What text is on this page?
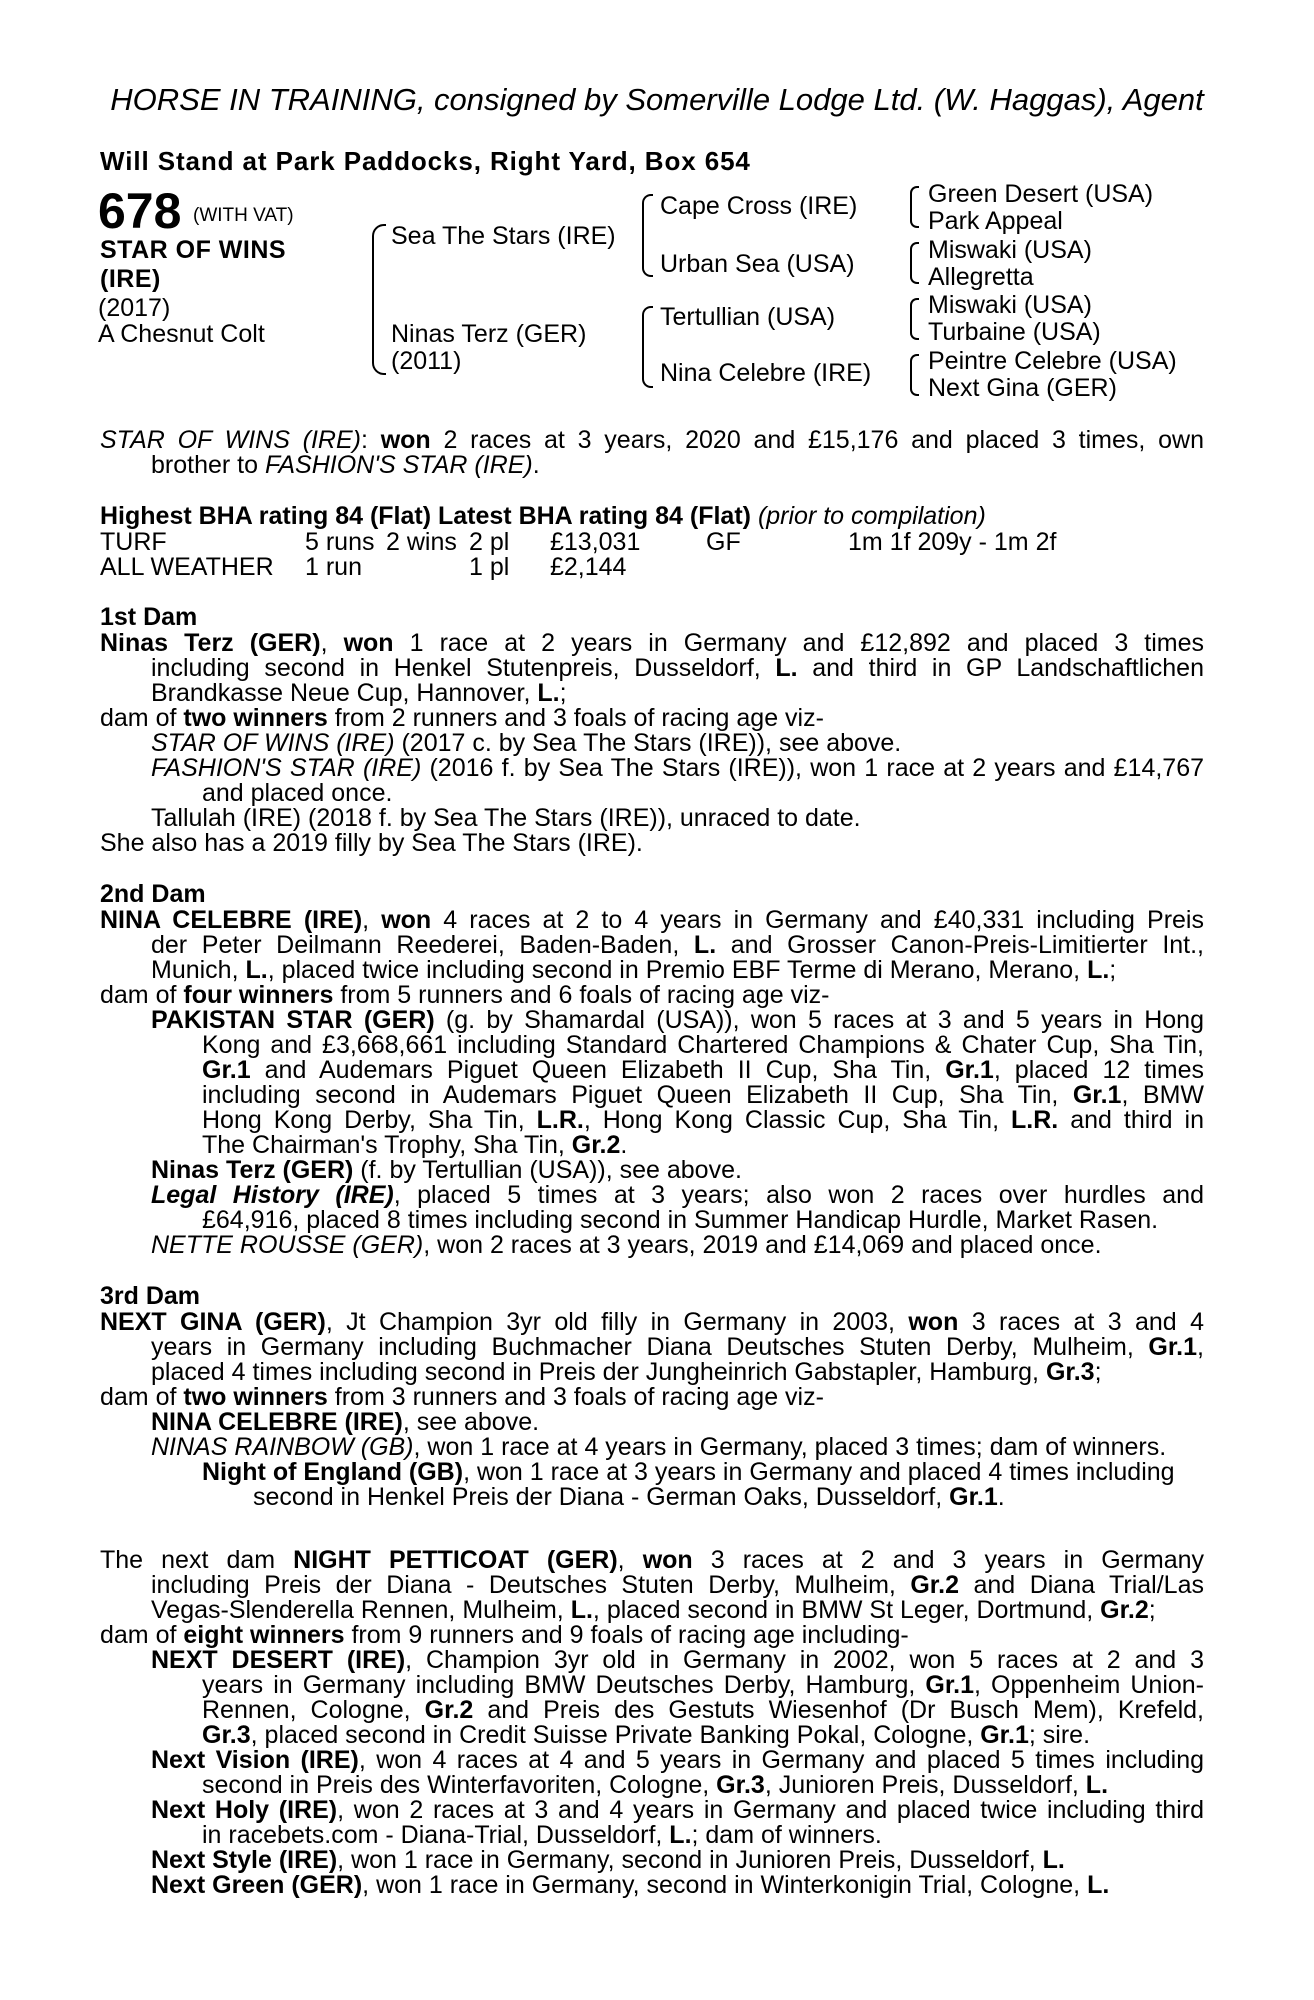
HORSE IN TRAINING, consigned by Somerville Lodge Ltd. (W. Haggas), Agent
Will Stand at Park Paddocks, Right Yard, Box 654
678 (WITH VAT)
STAR OF WINS
(IRE)
(2017)
A Chesnut Colt
Sea The Stars (IRE)
Ninas Terz (GER)
(2011)
Cape Cross (IRE)
Urban Sea (USA)
Tertullian (USA)
Nina Celebre (IRE)
Green Desert (USA)
Park Appeal
Miswaki (USA)
Allegretta
Miswaki (USA)
Turbaine (USA)
Peintre Celebre (USA)
Next Gina (GER)
STAR OF WINS (IRE): won 2 races at 3 years, 2020 and £15,176 and placed 3 times, own
brother to FASHION'S STAR (IRE).
Highest BHA rating 84 (Flat) Latest BHA rating 84 (Flat) (prior to compilation)
TURF	5 runs 2 wins 2 pl £13,031	GF	1m 1f 209y - 1m 2f
ALL WEATHER 1 run	1 pl £2,144
1st Dam
Ninas Terz (GER), won 1 race at 2 years in Germany and £12,892 and placed 3 times
including second in Henkel Stutenpreis, Dusseldorf, L. and third in GP Landschaftlichen
Brandkasse Neue Cup, Hannover, L.;
dam of two winners from 2 runners and 3 foals of racing age viz-
STAR OF WINS (IRE) (2017 c. by Sea The Stars (IRE)), see above.
FASHION'S STAR (IRE) (2016 f. by Sea The Stars (IRE)), won 1 race at 2 years and £14,767
and placed once.
Tallulah (IRE) (2018 f. by Sea The Stars (IRE)), unraced to date.
She also has a 2019 filly by Sea The Stars (IRE).
2nd Dam
NINA CELEBRE (IRE), won 4 races at 2 to 4 years in Germany and £40,331 including Preis
der Peter Deilmann Reederei, Baden-Baden, L. and Grosser Canon-Preis-Limitierter Int.,
Munich, L., placed twice including second in Premio EBF Terme di Merano, Merano, L.;
dam of four winners from 5 runners and 6 foals of racing age viz-
PAKISTAN STAR (GER) (g. by Shamardal (USA)), won 5 races at 3 and 5 years in Hong
Kong and £3,668,661 including Standard Chartered Champions & Chater Cup, Sha Tin,
Gr.1 and Audemars Piguet Queen Elizabeth II Cup, Sha Tin, Gr.1, placed 12 times
including second in Audemars Piguet Queen Elizabeth II Cup, Sha Tin, Gr.1, BMW
Hong Kong Derby, Sha Tin, L.R., Hong Kong Classic Cup, Sha Tin, L.R. and third in
The Chairman's Trophy, Sha Tin, Gr.2.
Ninas Terz (GER) (f. by Tertullian (USA)), see above.
Legal History (IRE), placed 5 times at 3 years; also won 2 races over hurdles and
£64,916, placed 8 times including second in Summer Handicap Hurdle, Market Rasen.
NETTE ROUSSE (GER), won 2 races at 3 years, 2019 and £14,069 and placed once.
3rd Dam
NEXT GINA (GER), Jt Champion 3yr old filly in Germany in 2003, won 3 races at 3 and 4
years in Germany including Buchmacher Diana Deutsches Stuten Derby, Mulheim, Gr.1,
placed 4 times including second in Preis der Jungheinrich Gabstapler, Hamburg, Gr.3;
dam of two winners from 3 runners and 3 foals of racing age viz-
NINA CELEBRE (IRE), see above.
NINAS RAINBOW (GB), won 1 race at 4 years in Germany, placed 3 times; dam of winners.
Night of England (GB), won 1 race at 3 years in Germany and placed 4 times including
second in Henkel Preis der Diana - German Oaks, Dusseldorf, Gr.1.
The next dam NIGHT PETTICOAT (GER), won 3 races at 2 and 3 years in Germany
including Preis der Diana - Deutsches Stuten Derby, Mulheim, Gr.2 and Diana Trial/Las
Vegas-Slenderella Rennen, Mulheim, L., placed second in BMW St Leger, Dortmund, Gr.2;
dam of eight winners from 9 runners and 9 foals of racing age including-
NEXT DESERT (IRE), Champion 3yr old in Germany in 2002, won 5 races at 2 and 3
years in Germany including BMW Deutsches Derby, Hamburg, Gr.1, Oppenheim Union-
Rennen, Cologne, Gr.2 and Preis des Gestuts Wiesenhof (Dr Busch Mem), Krefeld,
Gr.3, placed second in Credit Suisse Private Banking Pokal, Cologne, Gr.1; sire.
Next Vision (IRE), won 4 races at 4 and 5 years in Germany and placed 5 times including
second in Preis des Winterfavoriten, Cologne, Gr.3, Junioren Preis, Dusseldorf, L.
Next Holy (IRE), won 2 races at 3 and 4 years in Germany and placed twice including third
in racebets.com - Diana-Trial, Dusseldorf, L.; dam of winners.
Next Style (IRE), won 1 race in Germany, second in Junioren Preis, Dusseldorf, L.
Next Green (GER), won 1 race in Germany, second in Winterkonigin Trial, Cologne, L.
